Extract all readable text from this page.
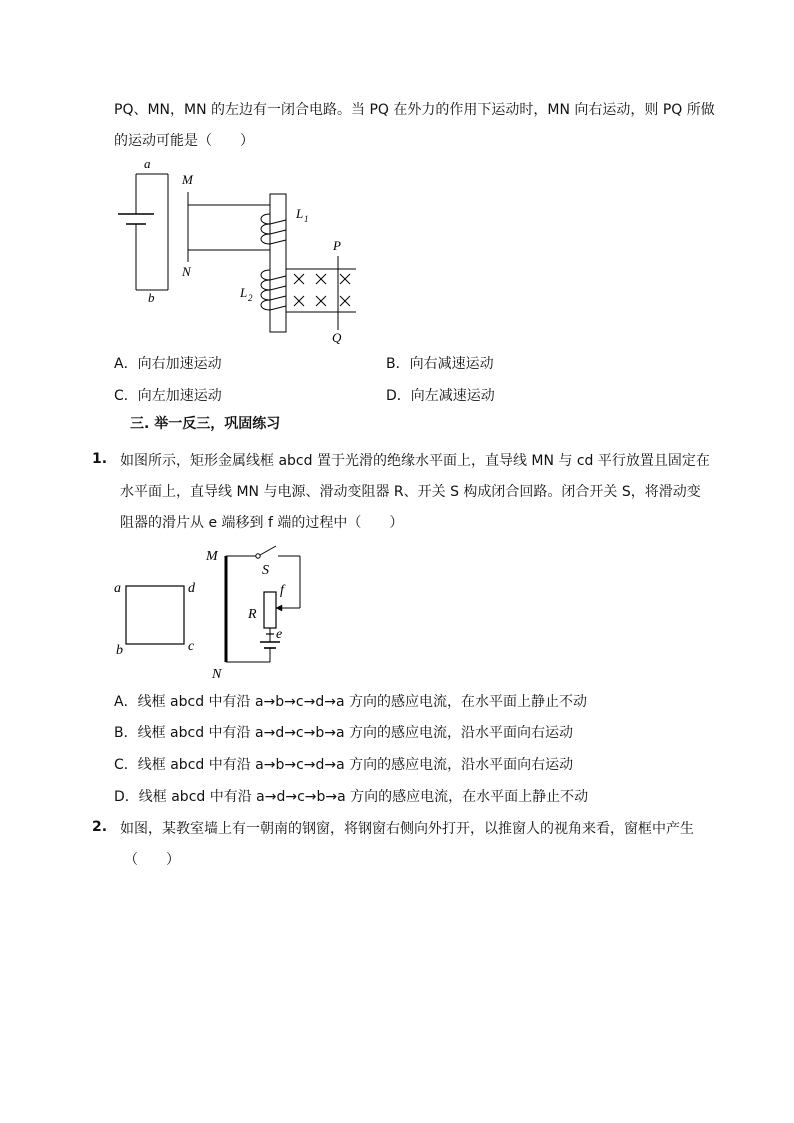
PQ、MN，MN 的左边有一闭合电路。当 PQ 在外力的作用下运动时，MN 向右运动，则 PQ 所做
的运动可能是（　　）
a
b
M
N
L 1
L 2
P
Q
A．向右加速运动	B．向右减速运动
C．向左加速运动	D．向左减速运动
三. 举一反三，巩固练习
1. 如图所示，矩形金属线框 abcd 置于光滑的绝缘水平面上，直导线 MN 与 cd 平行放置且固定在
水平面上，直导线 MN 与电源、滑动变阻器 R、开关 S 构成闭合回路。闭合开关 S，将滑动变
阻器的滑片从 e 端移到 f 端的过程中（　　）
a
b	c
d
M
N
S
R
f
e
A．线框 abcd 中有沿 a→b→c→d→a 方向的感应电流，在水平面上静止不动
B．线框 abcd 中有沿 a→d→c→b→a 方向的感应电流，沿水平面向右运动
C．线框 abcd 中有沿 a→b→c→d→a 方向的感应电流，沿水平面向右运动
D．线框 abcd 中有沿 a→d→c→b→a 方向的感应电流，在水平面上静止不动
2. 如图，某教室墙上有一朝南的钢窗，将钢窗右侧向外打开，以推窗人的视角来看，窗框中产生
（　　）
